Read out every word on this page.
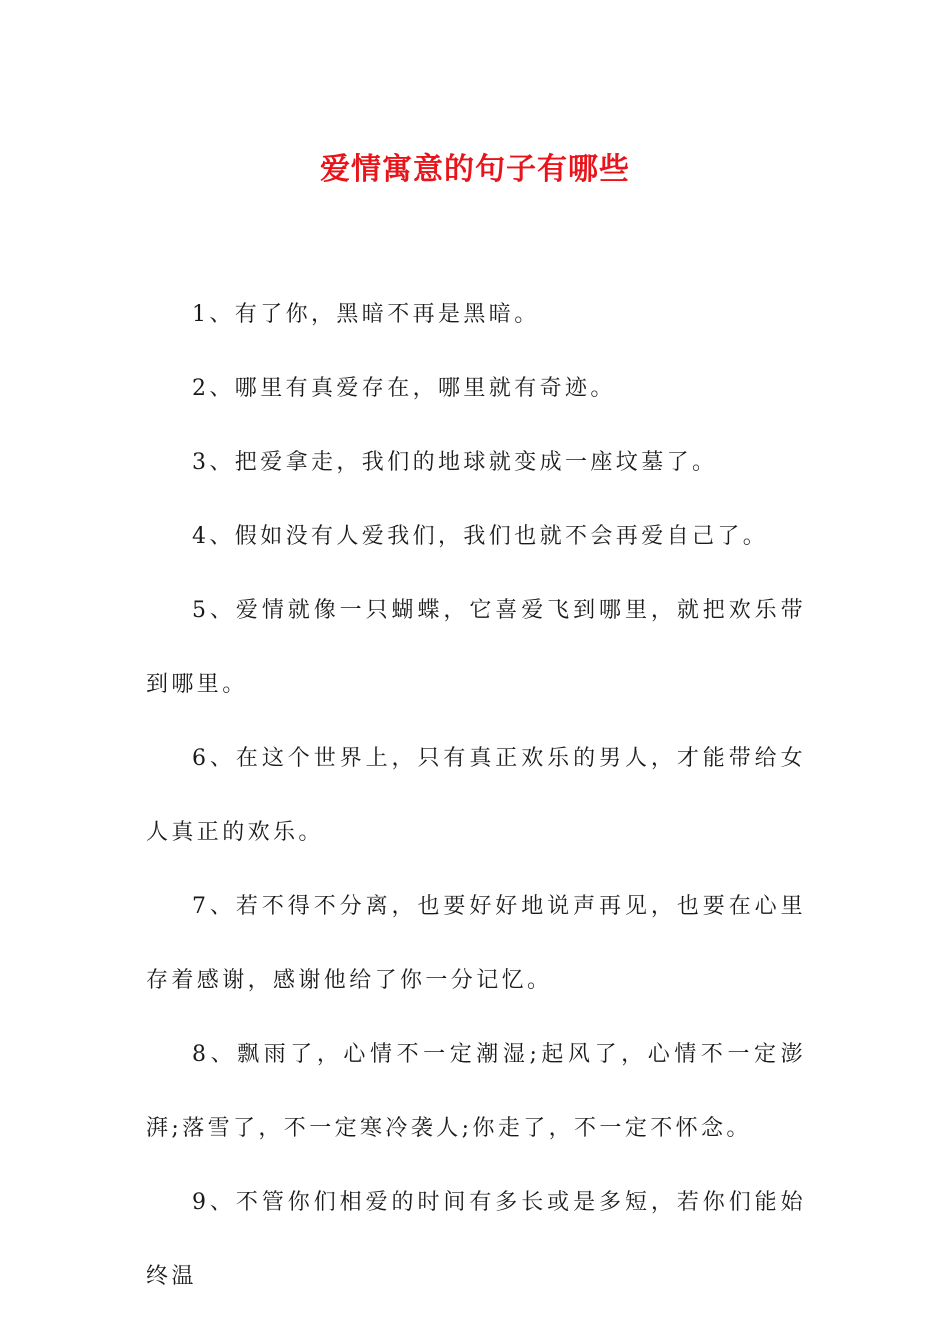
爱情寓意的句子有哪些

1、有了你，黑暗不再是黑暗。

2、哪里有真爱存在，哪里就有奇迹。

3、把爱拿走，我们的地球就变成一座坟墓了。

4、假如没有人爱我们，我们也就不会再爱自己了。

5、爱情就像一只蝴蝶，它喜爱飞到哪里，就把欢乐带到哪里。

6、在这个世界上，只有真正欢乐的男人，才能带给女人真正的欢乐。

7、若不得不分离，也要好好地说声再见，也要在心里存着感谢，感谢他给了你一分记忆。

8、飘雨了，心情不一定潮湿;起风了，心情不一定澎湃;落雪了，不一定寒冷袭人;你走了，不一定不怀念。

9、不管你们相爱的时间有多长或是多短，若你们能始终温
